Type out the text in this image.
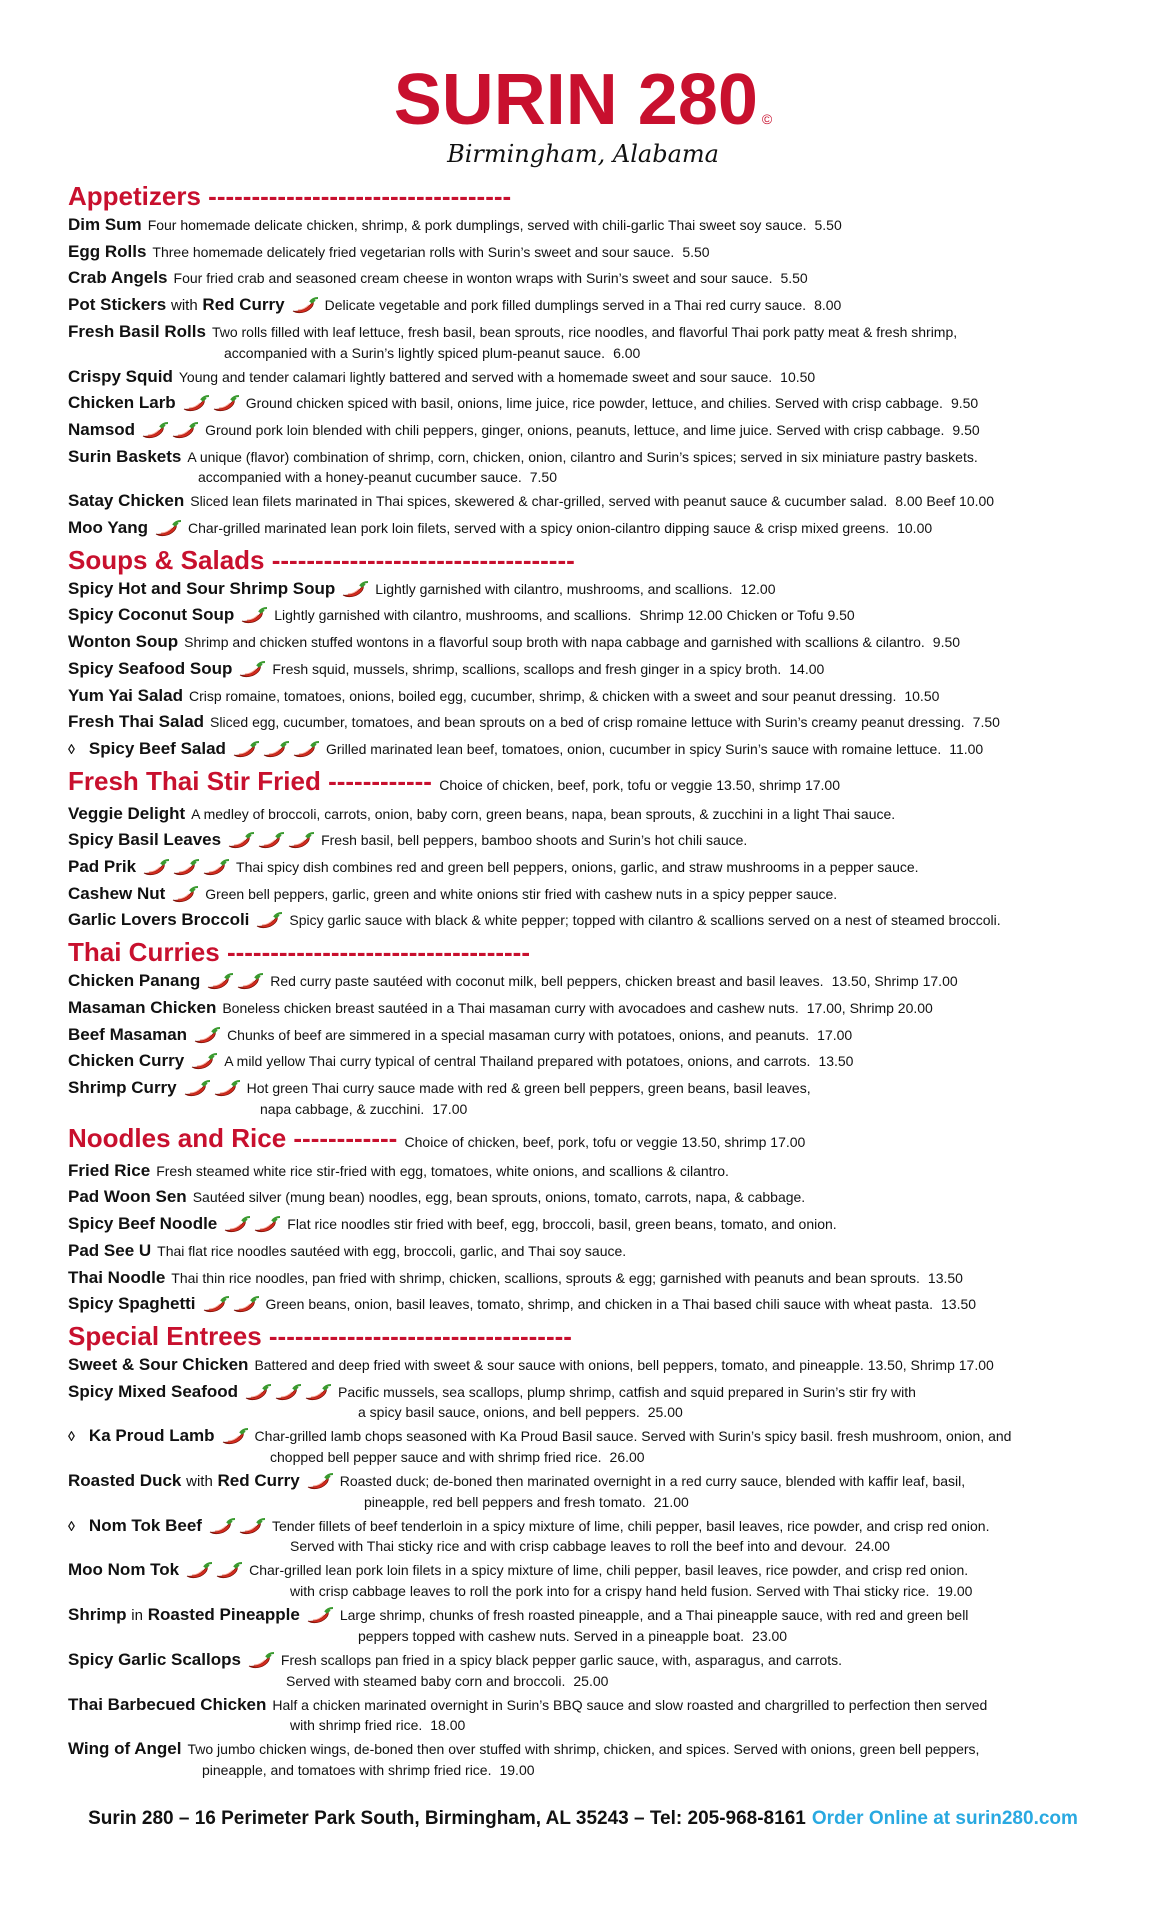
SURIN 280 ©
Birmingham, Alabama
Appetizers -----------------------------------
Dim Sum Four homemade delicate chicken, shrimp, & pork dumplings, served with chili-garlic Thai sweet soy sauce. 5.50
Egg Rolls Three homemade delicately fried vegetarian rolls with Surin’s sweet and sour sauce. 5.50
Crab Angels Four fried crab and seasoned cream cheese in wonton wraps with Surin’s sweet and sour sauce. 5.50
Pot Stickers with Red Curry	Delicate vegetable and pork filled dumplings served in a Thai red curry sauce. 8.00
Fresh Basil Rolls Two rolls filled with leaf lettuce, fresh basil, bean sprouts, rice noodles, and flavorful Thai pork patty meat & fresh shrimp,
accompanied with a Surin’s lightly spiced plum-peanut sauce. 6.00
Crispy Squid Young and tender calamari lightly battered and served with a homemade sweet and sour sauce. 10.50
Chicken Larb	Ground chicken spiced with basil, onions, lime juice, rice powder, lettuce, and chilies. Served with crisp cabbage. 9.50
Namsod	Ground pork loin blended with chili peppers, ginger, onions, peanuts, lettuce, and lime juice. Served with crisp cabbage. 9.50
Surin Baskets A unique (flavor) combination of shrimp, corn, chicken, onion, cilantro and Surin’s spices; served in six miniature pastry baskets.
accompanied with a honey-peanut cucumber sauce. 7.50
Satay Chicken Sliced lean filets marinated in Thai spices, skewered & char-grilled, served with peanut sauce & cucumber salad. 8.00 Beef 10.00
Moo Yang	Char-grilled marinated lean pork loin filets, served with a spicy onion-cilantro dipping sauce & crisp mixed greens. 10.00
Soups & Salads -----------------------------------
Spicy Hot and Sour Shrimp Soup	Lightly garnished with cilantro, mushrooms, and scallions. 12.00
Spicy Coconut Soup	Lightly garnished with cilantro, mushrooms, and scallions. Shrimp 12.00 Chicken or Tofu 9.50
Wonton Soup Shrimp and chicken stuffed wontons in a flavorful soup broth with napa cabbage and garnished with scallions & cilantro. 9.50
Spicy Seafood Soup	Fresh squid, mussels, shrimp, scallions, scallops and fresh ginger in a spicy broth. 14.00
Yum Yai Salad Crisp romaine, tomatoes, onions, boiled egg, cucumber, shrimp, & chicken with a sweet and sour peanut dressing. 10.50
Fresh Thai Salad Sliced egg, cucumber, tomatoes, and bean sprouts on a bed of crisp romaine lettuce with Surin’s creamy peanut dressing. 7.50
◊ Spicy Beef Salad	Grilled marinated lean beef, tomatoes, onion, cucumber in spicy Surin’s sauce with romaine lettuce. 11.00
Fresh Thai Stir Fried ------------ Choice of chicken, beef, pork, tofu or veggie 13.50, shrimp 17.00
Veggie Delight A medley of broccoli, carrots, onion, baby corn, green beans, napa, bean sprouts, & zucchini in a light Thai sauce.
Spicy Basil Leaves	Fresh basil, bell peppers, bamboo shoots and Surin’s hot chili sauce.
Pad Prik	Thai spicy dish combines red and green bell peppers, onions, garlic, and straw mushrooms in a pepper sauce.
Cashew Nut	Green bell peppers, garlic, green and white onions stir fried with cashew nuts in a spicy pepper sauce.
Garlic Lovers Broccoli	Spicy garlic sauce with black & white pepper; topped with cilantro & scallions served on a nest of steamed broccoli.
Thai Curries -----------------------------------
Chicken Panang	Red curry paste sautéed with coconut milk, bell peppers, chicken breast and basil leaves. 13.50, Shrimp 17.00
Masaman Chicken Boneless chicken breast sautéed in a Thai masaman curry with avocadoes and cashew nuts. 17.00, Shrimp 20.00
Beef Masaman	Chunks of beef are simmered in a special masaman curry with potatoes, onions, and peanuts. 17.00
Chicken Curry	A mild yellow Thai curry typical of central Thailand prepared with potatoes, onions, and carrots. 13.50
Shrimp Curry	Hot green Thai curry sauce made with red & green bell peppers, green beans, basil leaves,
napa cabbage, & zucchini. 17.00
Noodles and Rice ------------ Choice of chicken, beef, pork, tofu or veggie 13.50, shrimp 17.00
Fried Rice Fresh steamed white rice stir-fried with egg, tomatoes, white onions, and scallions & cilantro.
Pad Woon Sen Sautéed silver (mung bean) noodles, egg, bean sprouts, onions, tomato, carrots, napa, & cabbage.
Spicy Beef Noodle	Flat rice noodles stir fried with beef, egg, broccoli, basil, green beans, tomato, and onion.
Pad See U Thai flat rice noodles sautéed with egg, broccoli, garlic, and Thai soy sauce.
Thai Noodle Thai thin rice noodles, pan fried with shrimp, chicken, scallions, sprouts & egg; garnished with peanuts and bean sprouts. 13.50
Spicy Spaghetti	Green beans, onion, basil leaves, tomato, shrimp, and chicken in a Thai based chili sauce with wheat pasta. 13.50
Special Entrees -----------------------------------
Sweet & Sour Chicken Battered and deep fried with sweet & sour sauce with onions, bell peppers, tomato, and pineapple. 13.50, Shrimp 17.00
Spicy Mixed Seafood	Pacific mussels, sea scallops, plump shrimp, catfish and squid prepared in Surin’s stir fry with
a spicy basil sauce, onions, and bell peppers. 25.00
◊ Ka Proud Lamb	Char-grilled lamb chops seasoned with Ka Proud Basil sauce. Served with Surin’s spicy basil. fresh mushroom, onion, and
chopped bell pepper sauce and with shrimp fried rice. 26.00
Roasted Duck with Red Curry	Roasted duck; de-boned then marinated overnight in a red curry sauce, blended with kaffir leaf, basil,
pineapple, red bell peppers and fresh tomato. 21.00
◊ Nom Tok Beef	Tender fillets of beef tenderloin in a spicy mixture of lime, chili pepper, basil leaves, rice powder, and crisp red onion.
Served with Thai sticky rice and with crisp cabbage leaves to roll the beef into and devour. 24.00
Moo Nom Tok	Char-grilled lean pork loin filets in a spicy mixture of lime, chili pepper, basil leaves, rice powder, and crisp red onion.
with crisp cabbage leaves to roll the pork into for a crispy hand held fusion. Served with Thai sticky rice. 19.00
Shrimp in Roasted Pineapple	Large shrimp, chunks of fresh roasted pineapple, and a Thai pineapple sauce, with red and green bell
peppers topped with cashew nuts. Served in a pineapple boat. 23.00
Spicy Garlic Scallops	Fresh scallops pan fried in a spicy black pepper garlic sauce, with, asparagus, and carrots.
Served with steamed baby corn and broccoli. 25.00
Thai Barbecued Chicken Half a chicken marinated overnight in Surin’s BBQ sauce and slow roasted and chargrilled to perfection then served
with shrimp fried rice. 18.00
Wing of Angel Two jumbo chicken wings, de-boned then over stuffed with shrimp, chicken, and spices. Served with onions, green bell peppers,
pineapple, and tomatoes with shrimp fried rice. 19.00
Surin 280 – 16 Perimeter Park South, Birmingham, AL 35243 – Tel: 205-968-8161 Order Online at surin280.com
